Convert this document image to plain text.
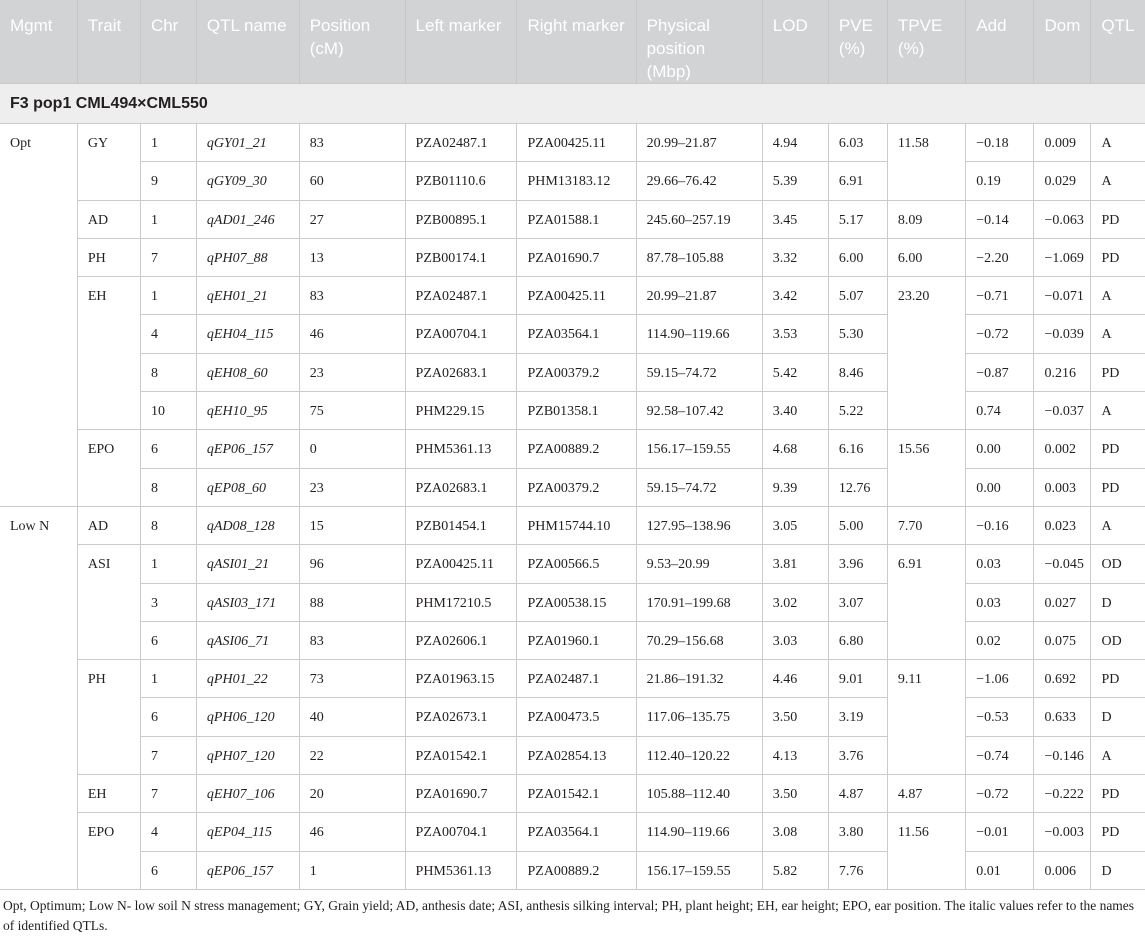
Mgmt	Trait	Chr	QTL name	Position (cM)	Left marker	Right marker	Physical position (Mbp)	LOD	PVE (%)	TPVE (%)	Add	Dom	QTL
F3 pop1 CML494×CML550													
Opt	GY	1	qGY01_21	83	PZA02487.1	PZA00425.11	20.99–21.87	4.94	6.03	11.58	−0.18	0.009	A
		9	qGY09_30	60	PZB01110.6	PHM13183.12	29.66–76.42	5.39	6.91		0.19	0.029	A
	AD	1	qAD01_246	27	PZB00895.1	PZA01588.1	245.60–257.19	3.45	5.17	8.09	−0.14	−0.063	PD
	PH	7	qPH07_88	13	PZB00174.1	PZA01690.7	87.78–105.88	3.32	6.00	6.00	−2.20	−1.069	PD
	EH	1	qEH01_21	83	PZA02487.1	PZA00425.11	20.99–21.87	3.42	5.07	23.20	−0.71	−0.071	A
		4	qEH04_115	46	PZA00704.1	PZA03564.1	114.90–119.66	3.53	5.30		−0.72	−0.039	A
		8	qEH08_60	23	PZA02683.1	PZA00379.2	59.15–74.72	5.42	8.46		−0.87	0.216	PD
		10	qEH10_95	75	PHM229.15	PZB01358.1	92.58–107.42	3.40	5.22		0.74	−0.037	A
	EPO	6	qEP06_157	0	PHM5361.13	PZA00889.2	156.17–159.55	4.68	6.16	15.56	0.00	0.002	PD
		8	qEP08_60	23	PZA02683.1	PZA00379.2	59.15–74.72	9.39	12.76		0.00	0.003	PD
Low N	AD	8	qAD08_128	15	PZB01454.1	PHM15744.10	127.95–138.96	3.05	5.00	7.70	−0.16	0.023	A
	ASI	1	qASI01_21	96	PZA00425.11	PZA00566.5	9.53–20.99	3.81	3.96	6.91	0.03	−0.045	OD
		3	qASI03_171	88	PHM17210.5	PZA00538.15	170.91–199.68	3.02	3.07		0.03	0.027	D
		6	qASI06_71	83	PZA02606.1	PZA01960.1	70.29–156.68	3.03	6.80		0.02	0.075	OD
	PH	1	qPH01_22	73	PZA01963.15	PZA02487.1	21.86–191.32	4.46	9.01	9.11	−1.06	0.692	PD
		6	qPH06_120	40	PZA02673.1	PZA00473.5	117.06–135.75	3.50	3.19		−0.53	0.633	D
		7	qPH07_120	22	PZA01542.1	PZA02854.13	112.40–120.22	4.13	3.76		−0.74	−0.146	A
	EH	7	qEH07_106	20	PZA01690.7	PZA01542.1	105.88–112.40	3.50	4.87	4.87	−0.72	−0.222	PD
	EPO	4	qEP04_115	46	PZA00704.1	PZA03564.1	114.90–119.66	3.08	3.80	11.56	−0.01	−0.003	PD
		6	qEP06_157	1	PHM5361.13	PZA00889.2	156.17–159.55	5.82	7.76		0.01	0.006	D
Opt, Optimum; Low N- low soil N stress management; GY, Grain yield; AD, anthesis date; ASI, anthesis silking interval; PH, plant height; EH, ear height; EPO, ear position. The italic values refer to the names of identified QTLs.
